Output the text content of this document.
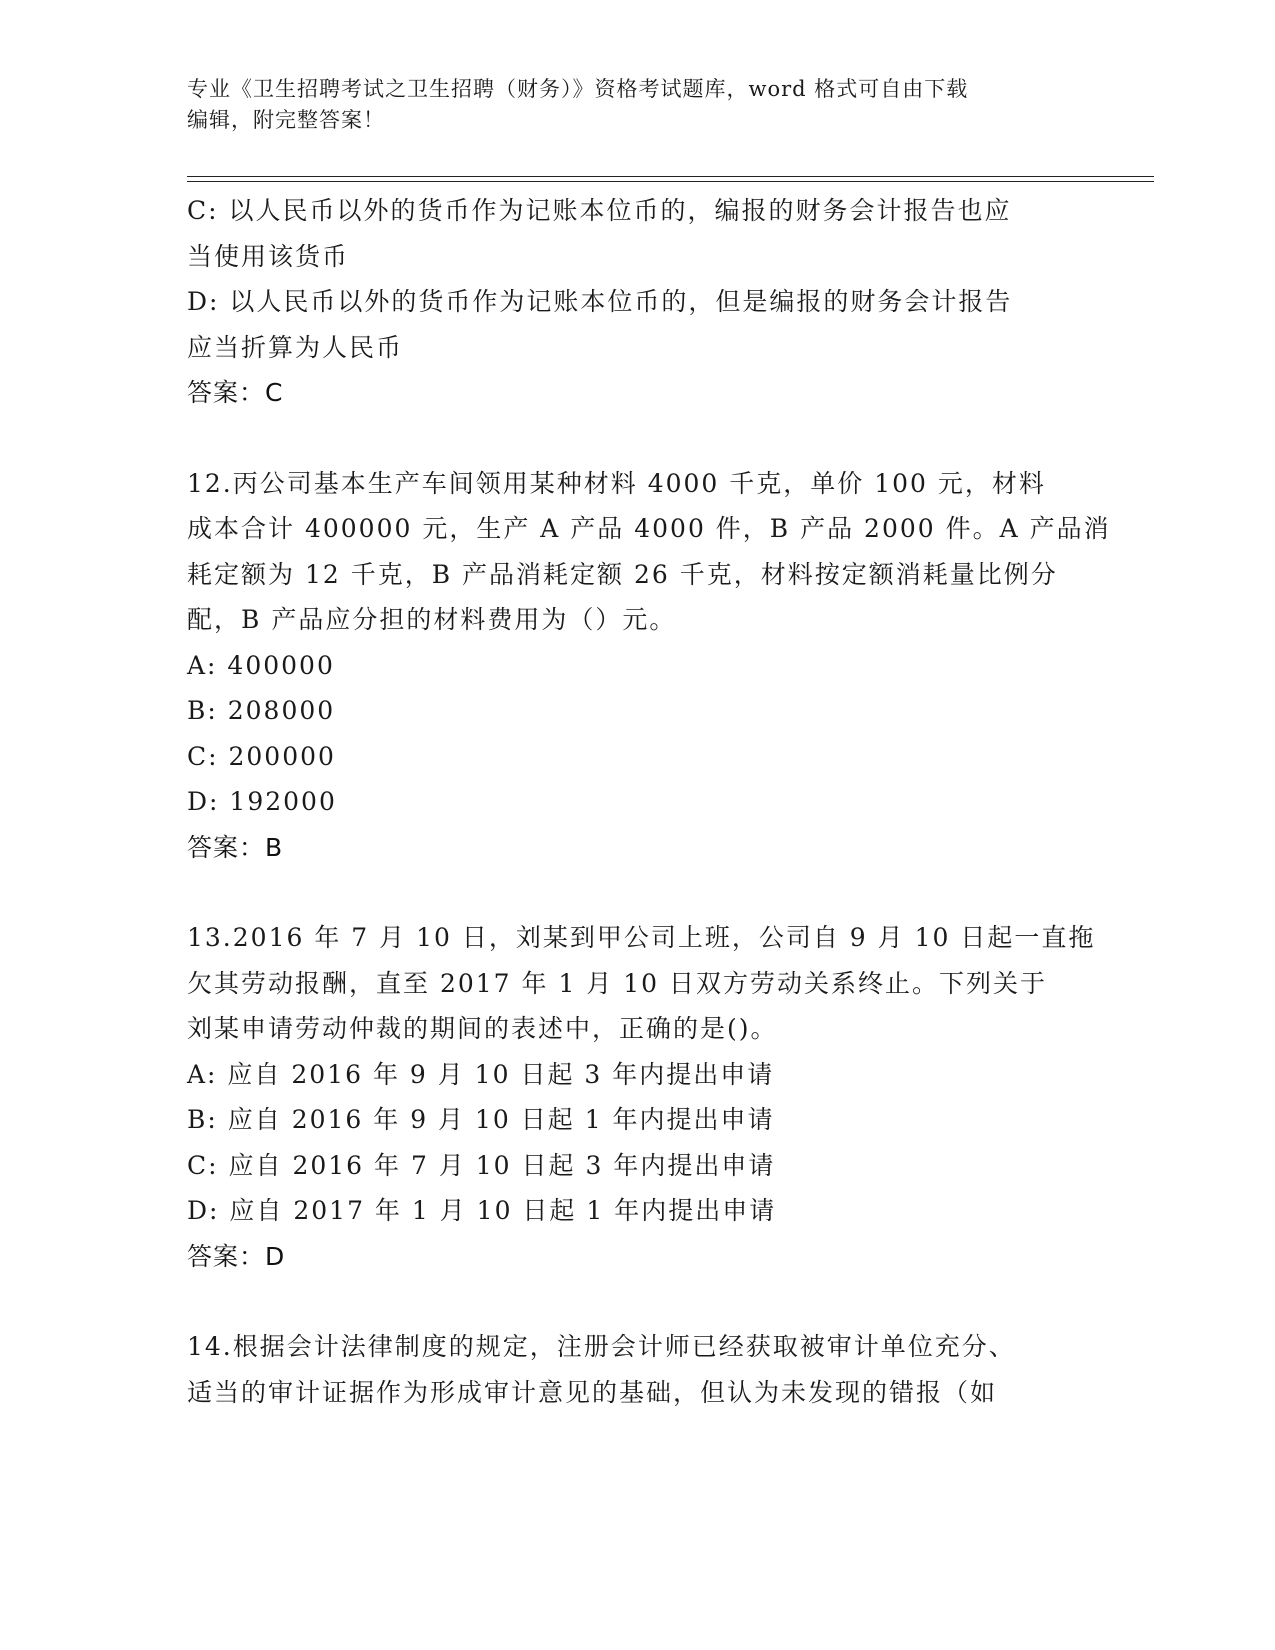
专业《卫生招聘考试之卫生招聘（财务）》资格考试题库，word 格式可自由下载
编辑，附完整答案！
C: 以人民币以外的货币作为记账本位币的，编报的财务会计报告也应
当使用该货币
D: 以人民币以外的货币作为记账本位币的，但是编报的财务会计报告
应当折算为人民币
答案：C
12.丙公司基本生产车间领用某种材料 4000 千克，单价 100 元，材料
成本合计 400000 元，生产 A 产品 4000 件，B 产品 2000 件。A 产品消
耗定额为 12 千克，B 产品消耗定额 26 千克，材料按定额消耗量比例分
配，B 产品应分担的材料费用为（）元。
A: 400000
B: 208000
C: 200000
D: 192000
答案：B
13.2016 年 7 月 10 日，刘某到甲公司上班，公司自 9 月 10 日起一直拖
欠其劳动报酬，直至 2017 年 1 月 10 日双方劳动关系终止。下列关于
刘某申请劳动仲裁的期间的表述中，正确的是()。
A: 应自 2016 年 9 月 10 日起 3 年内提出申请
B: 应自 2016 年 9 月 10 日起 1 年内提出申请
C: 应自 2016 年 7 月 10 日起 3 年内提出申请
D: 应自 2017 年 1 月 10 日起 1 年内提出申请
答案：D
14.根据会计法律制度的规定，注册会计师已经获取被审计单位充分、
适当的审计证据作为形成审计意见的基础，但认为未发现的错报（如
